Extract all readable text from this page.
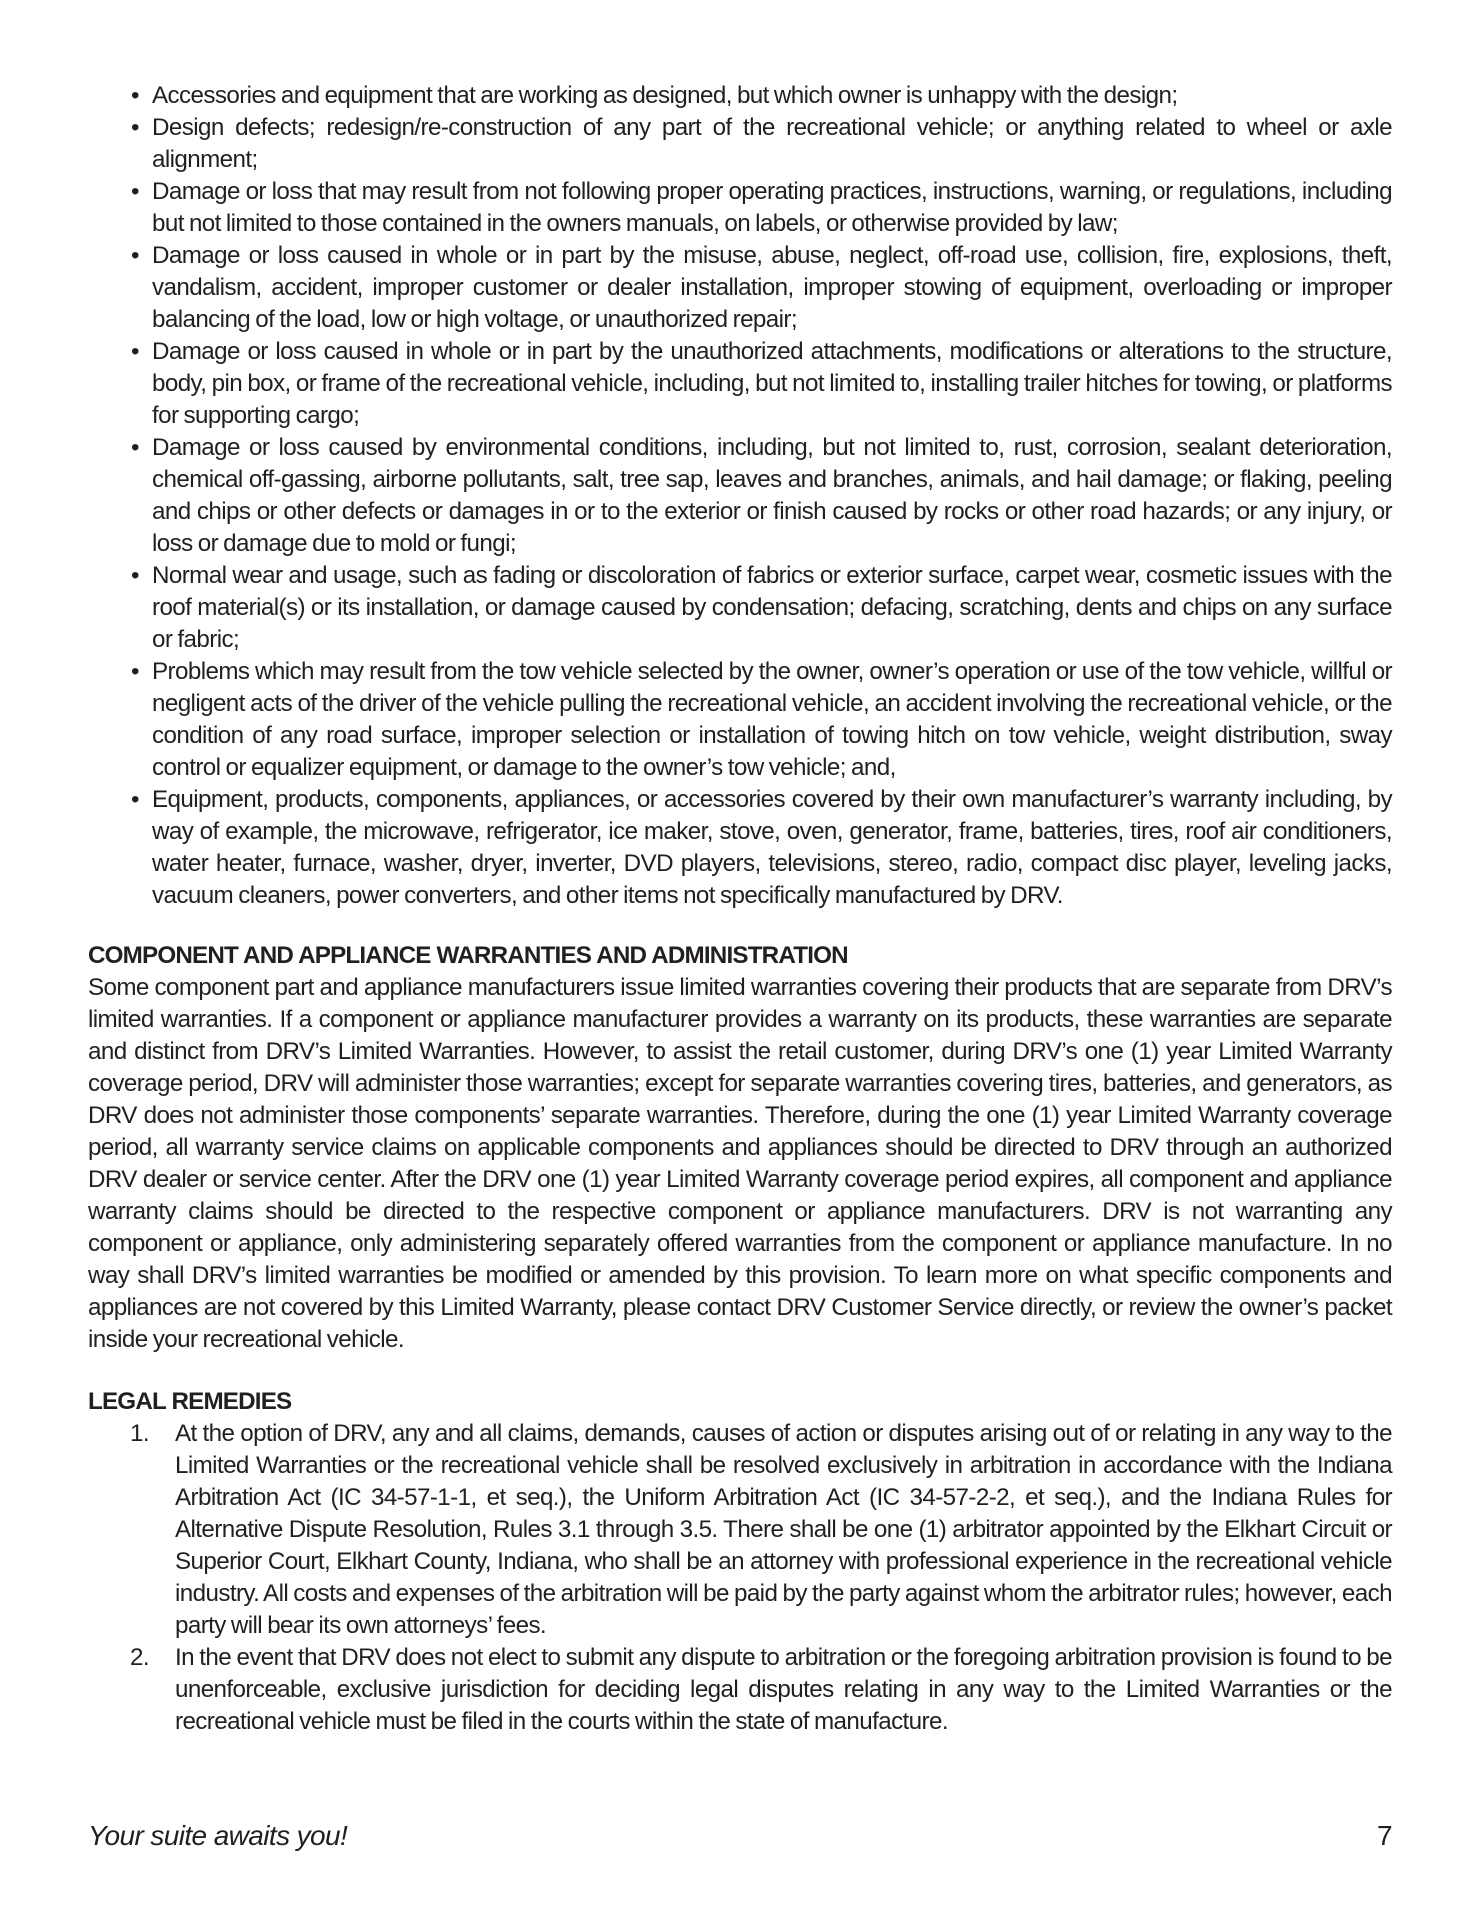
• Accessories and equipment that are working as designed, but which owner is unhappy with the design;
• Design defects; redesign/re-construction of any part of the recreational vehicle; or anything related to wheel or axle alignment;
• Damage or loss that may result from not following proper operating practices, instructions, warning, or regulations, including but not limited to those contained in the owners manuals, on labels, or otherwise provided by law;
• Damage or loss caused in whole or in part by the misuse, abuse, neglect, off-road use, collision, fire, explosions, theft, vandalism, accident, improper customer or dealer installation, improper stowing of equipment, overloading or improper balancing of the load, low or high voltage, or unauthorized repair;
• Damage or loss caused in whole or in part by the unauthorized attachments, modifications or alterations to the structure, body, pin box, or frame of the recreational vehicle, including, but not limited to, installing trailer hitches for towing, or platforms for supporting cargo;
• Damage or loss caused by environmental conditions, including, but not limited to, rust, corrosion, sealant deterioration, chemical off-gassing, airborne pollutants, salt, tree sap, leaves and branches, animals, and hail damage; or flaking, peeling and chips or other defects or damages in or to the exterior or finish caused by rocks or other road hazards; or any injury, or loss or damage due to mold or fungi;
• Normal wear and usage, such as fading or discoloration of fabrics or exterior surface, carpet wear, cosmetic issues with the roof material(s) or its installation, or damage caused by condensation; defacing, scratching, dents and chips on any surface or fabric;
• Problems which may result from the tow vehicle selected by the owner, owner’s operation or use of the tow vehicle, willful or negligent acts of the driver of the vehicle pulling the recreational vehicle, an accident involving the recreational vehicle, or the condition of any road surface, improper selection or installation of towing hitch on tow vehicle, weight distribution, sway control or equalizer equipment, or damage to the owner’s tow vehicle; and,
• Equipment, products, components, appliances, or accessories covered by their own manufacturer’s warranty including, by way of example, the microwave, refrigerator, ice maker, stove, oven, generator, frame, batteries, tires, roof air conditioners, water heater, furnace, washer, dryer, inverter, DVD players, televisions, stereo, radio, compact disc player, leveling jacks, vacuum cleaners, power converters, and other items not specifically manufactured by DRV.
COMPONENT AND APPLIANCE WARRANTIES AND ADMINISTRATION

Some component part and appliance manufacturers issue limited warranties covering their products that are separate from DRV’s limited warranties. If a component or appliance manufacturer provides a warranty on its products, these warranties are separate and distinct from DRV’s Limited Warranties. However, to assist the retail customer, during DRV’s one (1) year Limited Warranty coverage period, DRV will administer those warranties; except for separate warranties covering tires, batteries, and generators, as DRV does not administer those components’ separate warranties. Therefore, during the one (1) year Limited Warranty coverage period, all warranty service claims on applicable components and appliances should be directed to DRV through an authorized DRV dealer or service center. After the DRV one (1) year Limited Warranty coverage period expires, all component and appliance warranty claims should be directed to the respective component or appliance manufacturers. DRV is not warranting any component or appliance, only administering separately offered warranties from the component or appliance manufacture. In no way shall DRV’s limited warranties be modified or amended by this provision. To learn more on what specific components and appliances are not covered by this Limited Warranty, please contact DRV Customer Service directly, or review the owner’s packet inside your recreational vehicle.

LEGAL REMEDIES
1. At the option of DRV, any and all claims, demands, causes of action or disputes arising out of or relating in any way to the Limited Warranties or the recreational vehicle shall be resolved exclusively in arbitration in accordance with the Indiana Arbitration Act (IC 34-57-1-1, et seq.), the Uniform Arbitration Act (IC 34-57-2-2, et seq.), and the Indiana Rules for Alternative Dispute Resolution, Rules 3.1 through 3.5. There shall be one (1) arbitrator appointed by the Elkhart Circuit or Superior Court, Elkhart County, Indiana, who shall be an attorney with professional experience in the recreational vehicle industry. All costs and expenses of the arbitration will be paid by the party against whom the arbitrator rules; however, each party will bear its own attorneys’ fees.
2. In the event that DRV does not elect to submit any dispute to arbitration or the foregoing arbitration provision is found to be unenforceable, exclusive jurisdiction for deciding legal disputes relating in any way to the Limited Warranties or the recreational vehicle must be filed in the courts within the state of manufacture.
Your suite awaits you!	7
